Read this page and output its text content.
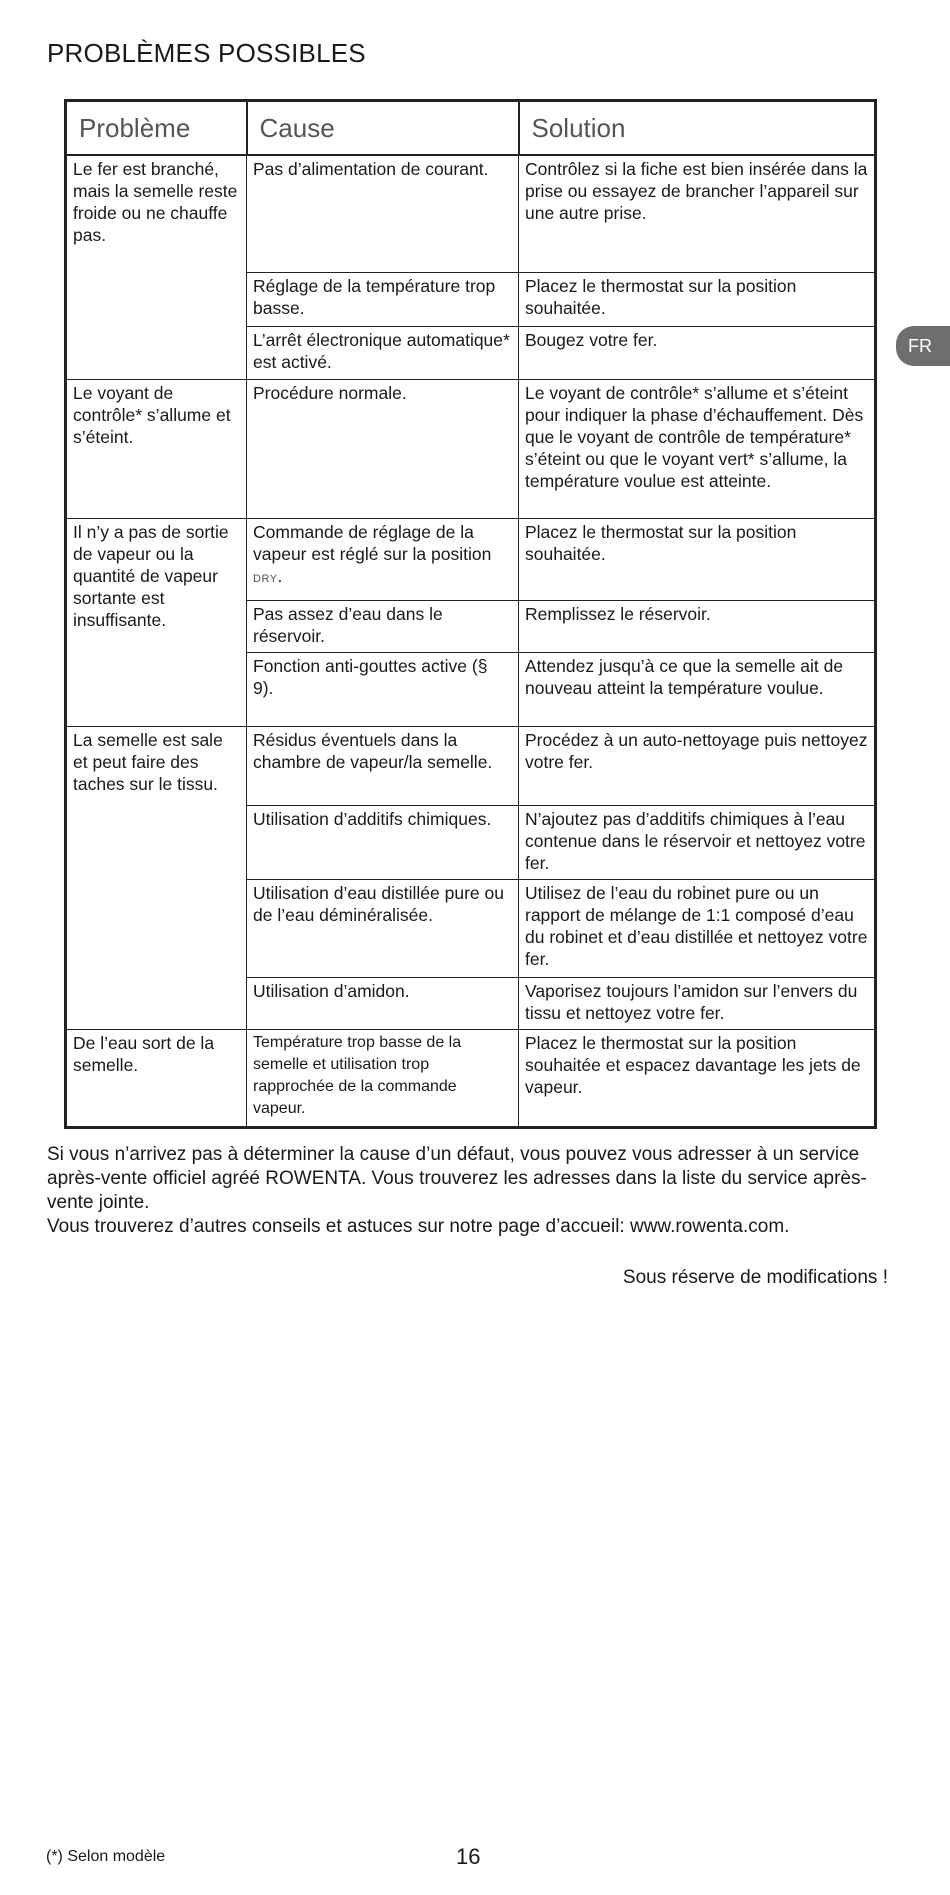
PROBLÈMES POSSIBLES
FR
Problème	Cause	Solution
Le fer est branché, mais la semelle reste froide ou ne chauffe pas.	Pas d’alimentation de courant.	Contrôlez si la fiche est bien insérée dans la prise ou essayez de brancher l’appareil sur une autre prise.
	Réglage de la température trop basse.	Placez le thermostat sur la position souhaitée.
	L’arrêt électronique automatique* est activé.	Bougez votre fer.
Le voyant de contrôle* s’allume et s’éteint.	Procédure normale.	Le voyant de contrôle* s’allume et s’éteint pour indiquer la phase d’échauffement. Dès que le voyant de contrôle de température* s’éteint ou que le voyant vert* s’allume, la température voulue est atteinte.
Il n’y a pas de sortie de vapeur ou la quantité de vapeur sortante est insuffisante.	Commande de réglage de la vapeur est réglé sur la position DRY.	Placez le thermostat sur la position souhaitée.
	Pas assez d’eau dans le réservoir.	Remplissez le réservoir.
	Fonction anti-gouttes active (§ 9).	Attendez jusqu’à ce que la semelle ait de nouveau atteint la température voulue.
La semelle est sale et peut faire des taches sur le tissu.	Résidus éventuels dans la chambre de vapeur/la semelle.	Procédez à un auto-nettoyage puis nettoyez votre fer.
	Utilisation d’additifs chimiques.	N’ajoutez pas d’additifs chimiques à l’eau contenue dans le réservoir et nettoyez votre fer.
	Utilisation d’eau distillée pure ou de l’eau déminéralisée.	Utilisez de l’eau du robinet pure ou un rapport de mélange de 1:1 composé d’eau du robinet et d’eau distillée et nettoyez votre fer.
	Utilisation d’amidon.	Vaporisez toujours l’amidon sur l’envers du tissu et nettoyez votre fer.
De l’eau sort de la semelle.	Température trop basse de la semelle et utilisation trop rapprochée de la commande vapeur.	Placez le thermostat sur la position souhaitée et espacez davantage les jets de vapeur.

Si vous n’arrivez pas à déterminer la cause d’un défaut, vous pouvez vous adresser à un service après-vente officiel agréé ROWENTA. Vous trouverez les adresses dans la liste du service après-vente jointe.

Vous trouverez d’autres conseils et astuces sur notre page d’accueil: www.rowenta.com.

Sous réserve de modifications !
(*) Selon modèle	16
